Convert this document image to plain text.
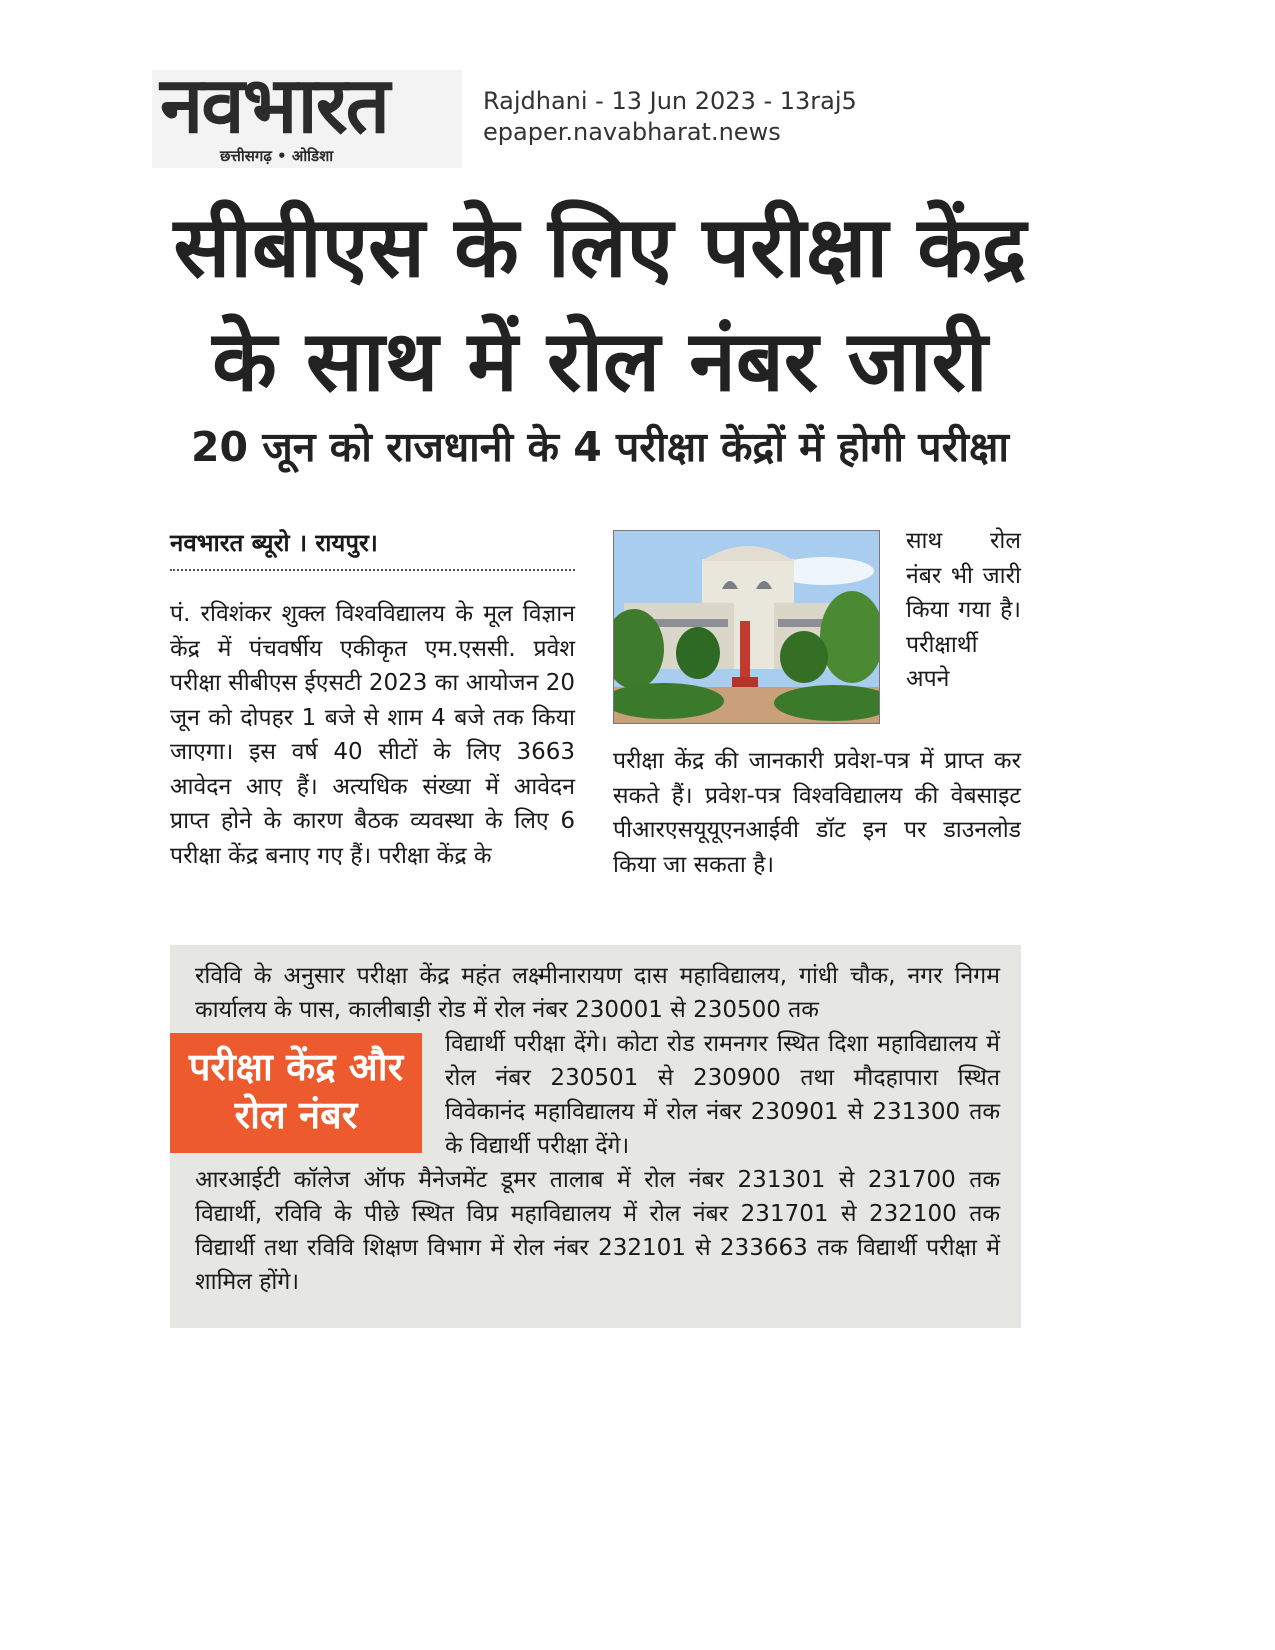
नवभारत
छत्तीसगढ़ • ओडिशा
Rajdhani - 13 Jun 2023 - 13raj5
epaper.navabharat.news
सीबीएस के लिए परीक्षा केंद्र
के साथ में रोल नंबर जारी
20 जून को राजधानी के 4 परीक्षा केंद्रों में होगी परीक्षा
नवभारत ब्यूरो । रायपुर।
पं. रविशंकर शुक्ल विश्वविद्यालय के मूल विज्ञान केंद्र में पंचवर्षीय एकीकृत एम.एससी. प्रवेश परीक्षा सीबीएस ईएसटी 2023 का आयोजन 20 जून को दोपहर 1 बजे से शाम 4 बजे तक किया जाएगा। इस वर्ष 40 सीटों के लिए 3663 आवेदन आए हैं। अत्यधिक संख्या में आवेदन प्राप्त होने के कारण बैठक व्यवस्था के लिए 6 परीक्षा केंद्र बनाए गए हैं। परीक्षा केंद्र के
साथ रोल नंबर भी जारी किया गया है। परीक्षार्थी अपने
परीक्षा केंद्र की जानकारी प्रवेश-पत्र में प्राप्त कर सकते हैं। प्रवेश-पत्र विश्वविद्यालय की वेबसाइट पीआरएसयूयूएनआईवी डॉट इन पर डाउनलोड किया जा सकता है।
रविवि के अनुसार परीक्षा केंद्र महंत लक्ष्मीनारायण दास महाविद्यालय, गांधी चौक, नगर निगम कार्यालय के पास, कालीबाड़ी रोड में रोल नंबर 230001 से 230500 तक
परीक्षा केंद्र और
रोल नंबर
विद्यार्थी परीक्षा देंगे। कोटा रोड रामनगर स्थित दिशा महाविद्यालय में रोल नंबर 230501 से 230900 तथा मौदहापारा स्थित विवेकानंद महाविद्यालय में रोल नंबर 230901 से 231300 तक के विद्यार्थी परीक्षा देंगे।
आरआईटी कॉलेज ऑफ मैनेजमेंट डूमर तालाब में रोल नंबर 231301 से 231700 तक विद्यार्थी, रविवि के पीछे स्थित विप्र महाविद्यालय में रोल नंबर 231701 से 232100 तक विद्यार्थी तथा रविवि शिक्षण विभाग में रोल नंबर 232101 से 233663 तक विद्यार्थी परीक्षा में शामिल होंगे।
